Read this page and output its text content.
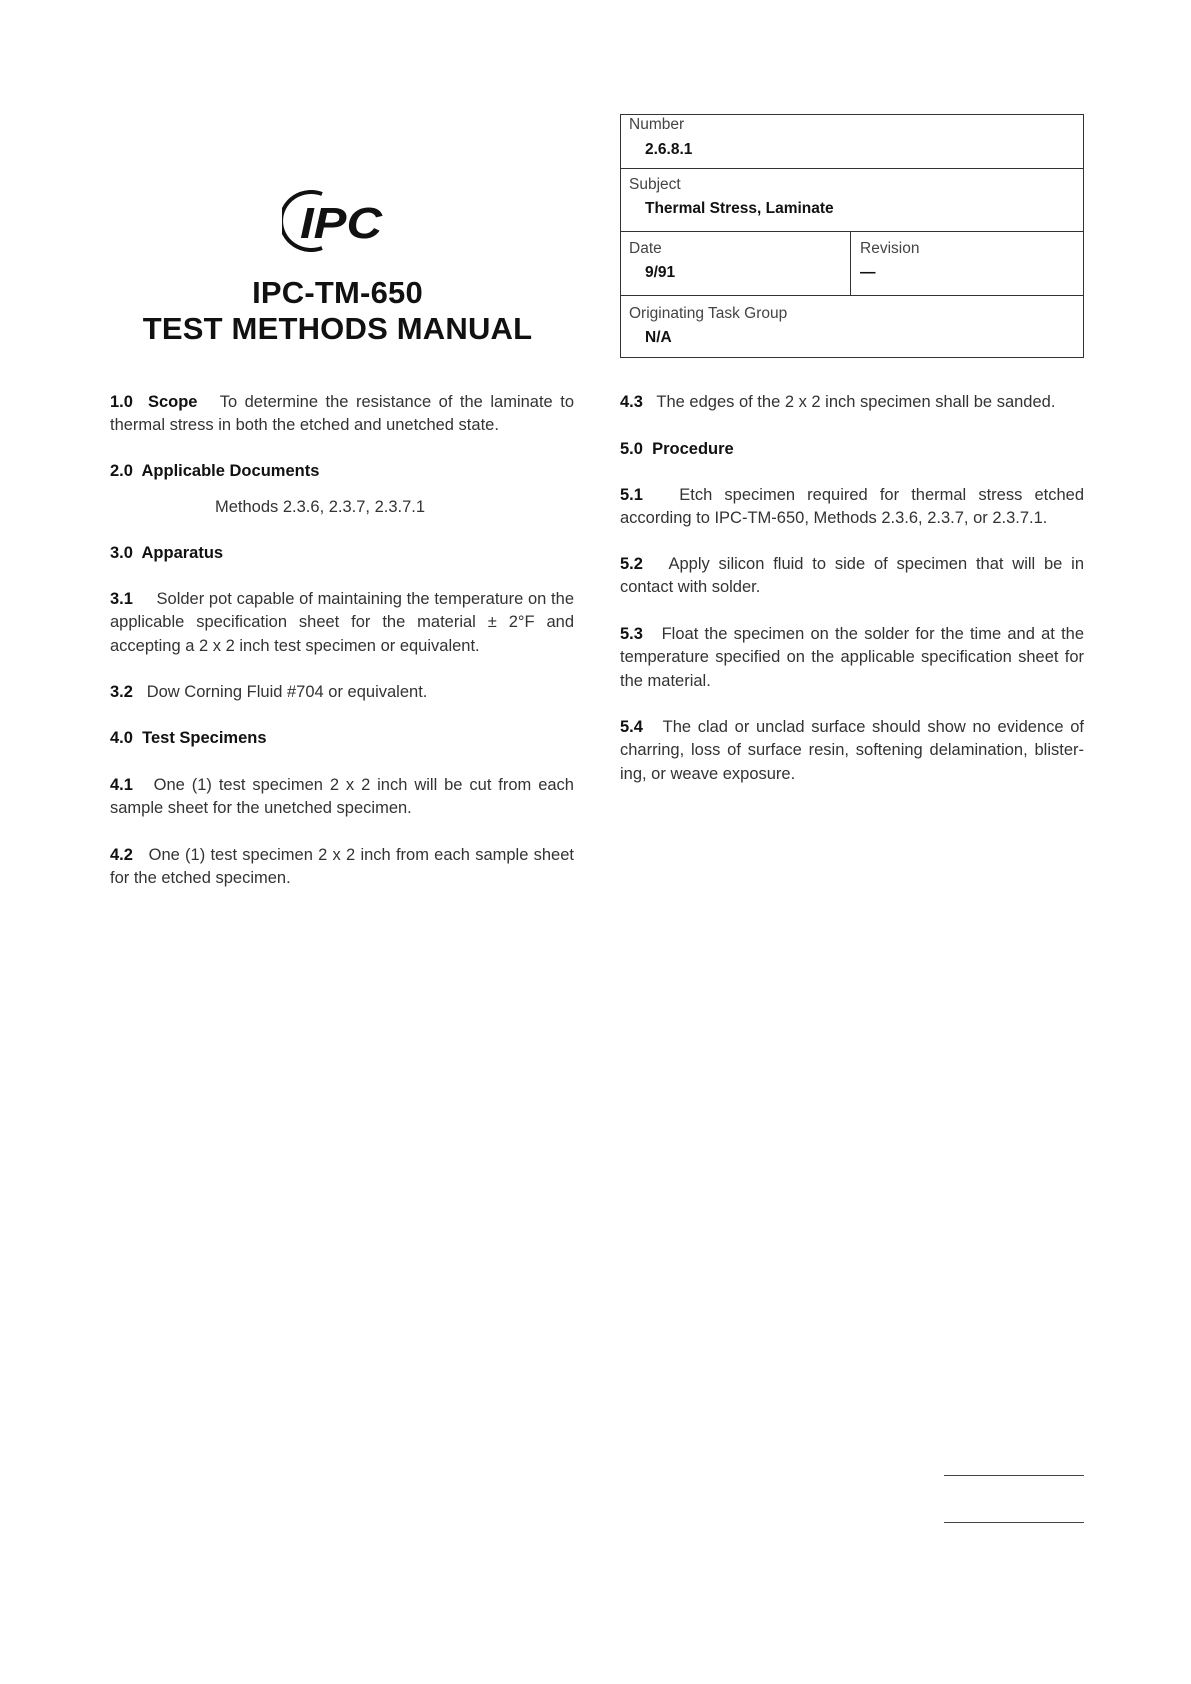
IPC
IPC-TM-650
TEST METHODS MANUAL
Number
2.6.8.1
Subject
Thermal Stress, Laminate
Date
9/91
Revision
—
Originating Task Group
N/A
1.0 Scope To determine the resistance of the laminate to thermal stress in both the etched and unetched state.
2.0 Applicable Documents
Methods 2.3.6, 2.3.7, 2.3.7.1
3.0 Apparatus
3.1 Solder pot capable of maintaining the temperature on the applicable specification sheet for the material ± 2°F and accepting a 2 x 2 inch test specimen or equivalent.
3.2 Dow Corning Fluid #704 or equivalent.
4.0 Test Specimens
4.1 One (1) test specimen 2 x 2 inch will be cut from each sample sheet for the unetched specimen.
4.2 One (1) test specimen 2 x 2 inch from each sample sheet for the etched specimen.
4.3 The edges of the 2 x 2 inch specimen shall be sanded.
5.0 Procedure
5.1 Etch specimen required for thermal stress etched according to IPC-TM-650, Methods 2.3.6, 2.3.7, or 2.3.7.1.
5.2 Apply silicon fluid to side of specimen that will be in contact with solder.
5.3 Float the specimen on the solder for the time and at the temperature specified on the applicable specification sheet for the material.
5.4 The clad or unclad surface should show no evidence of charring, loss of surface resin, softening delamination, blister-ing, or weave exposure.
